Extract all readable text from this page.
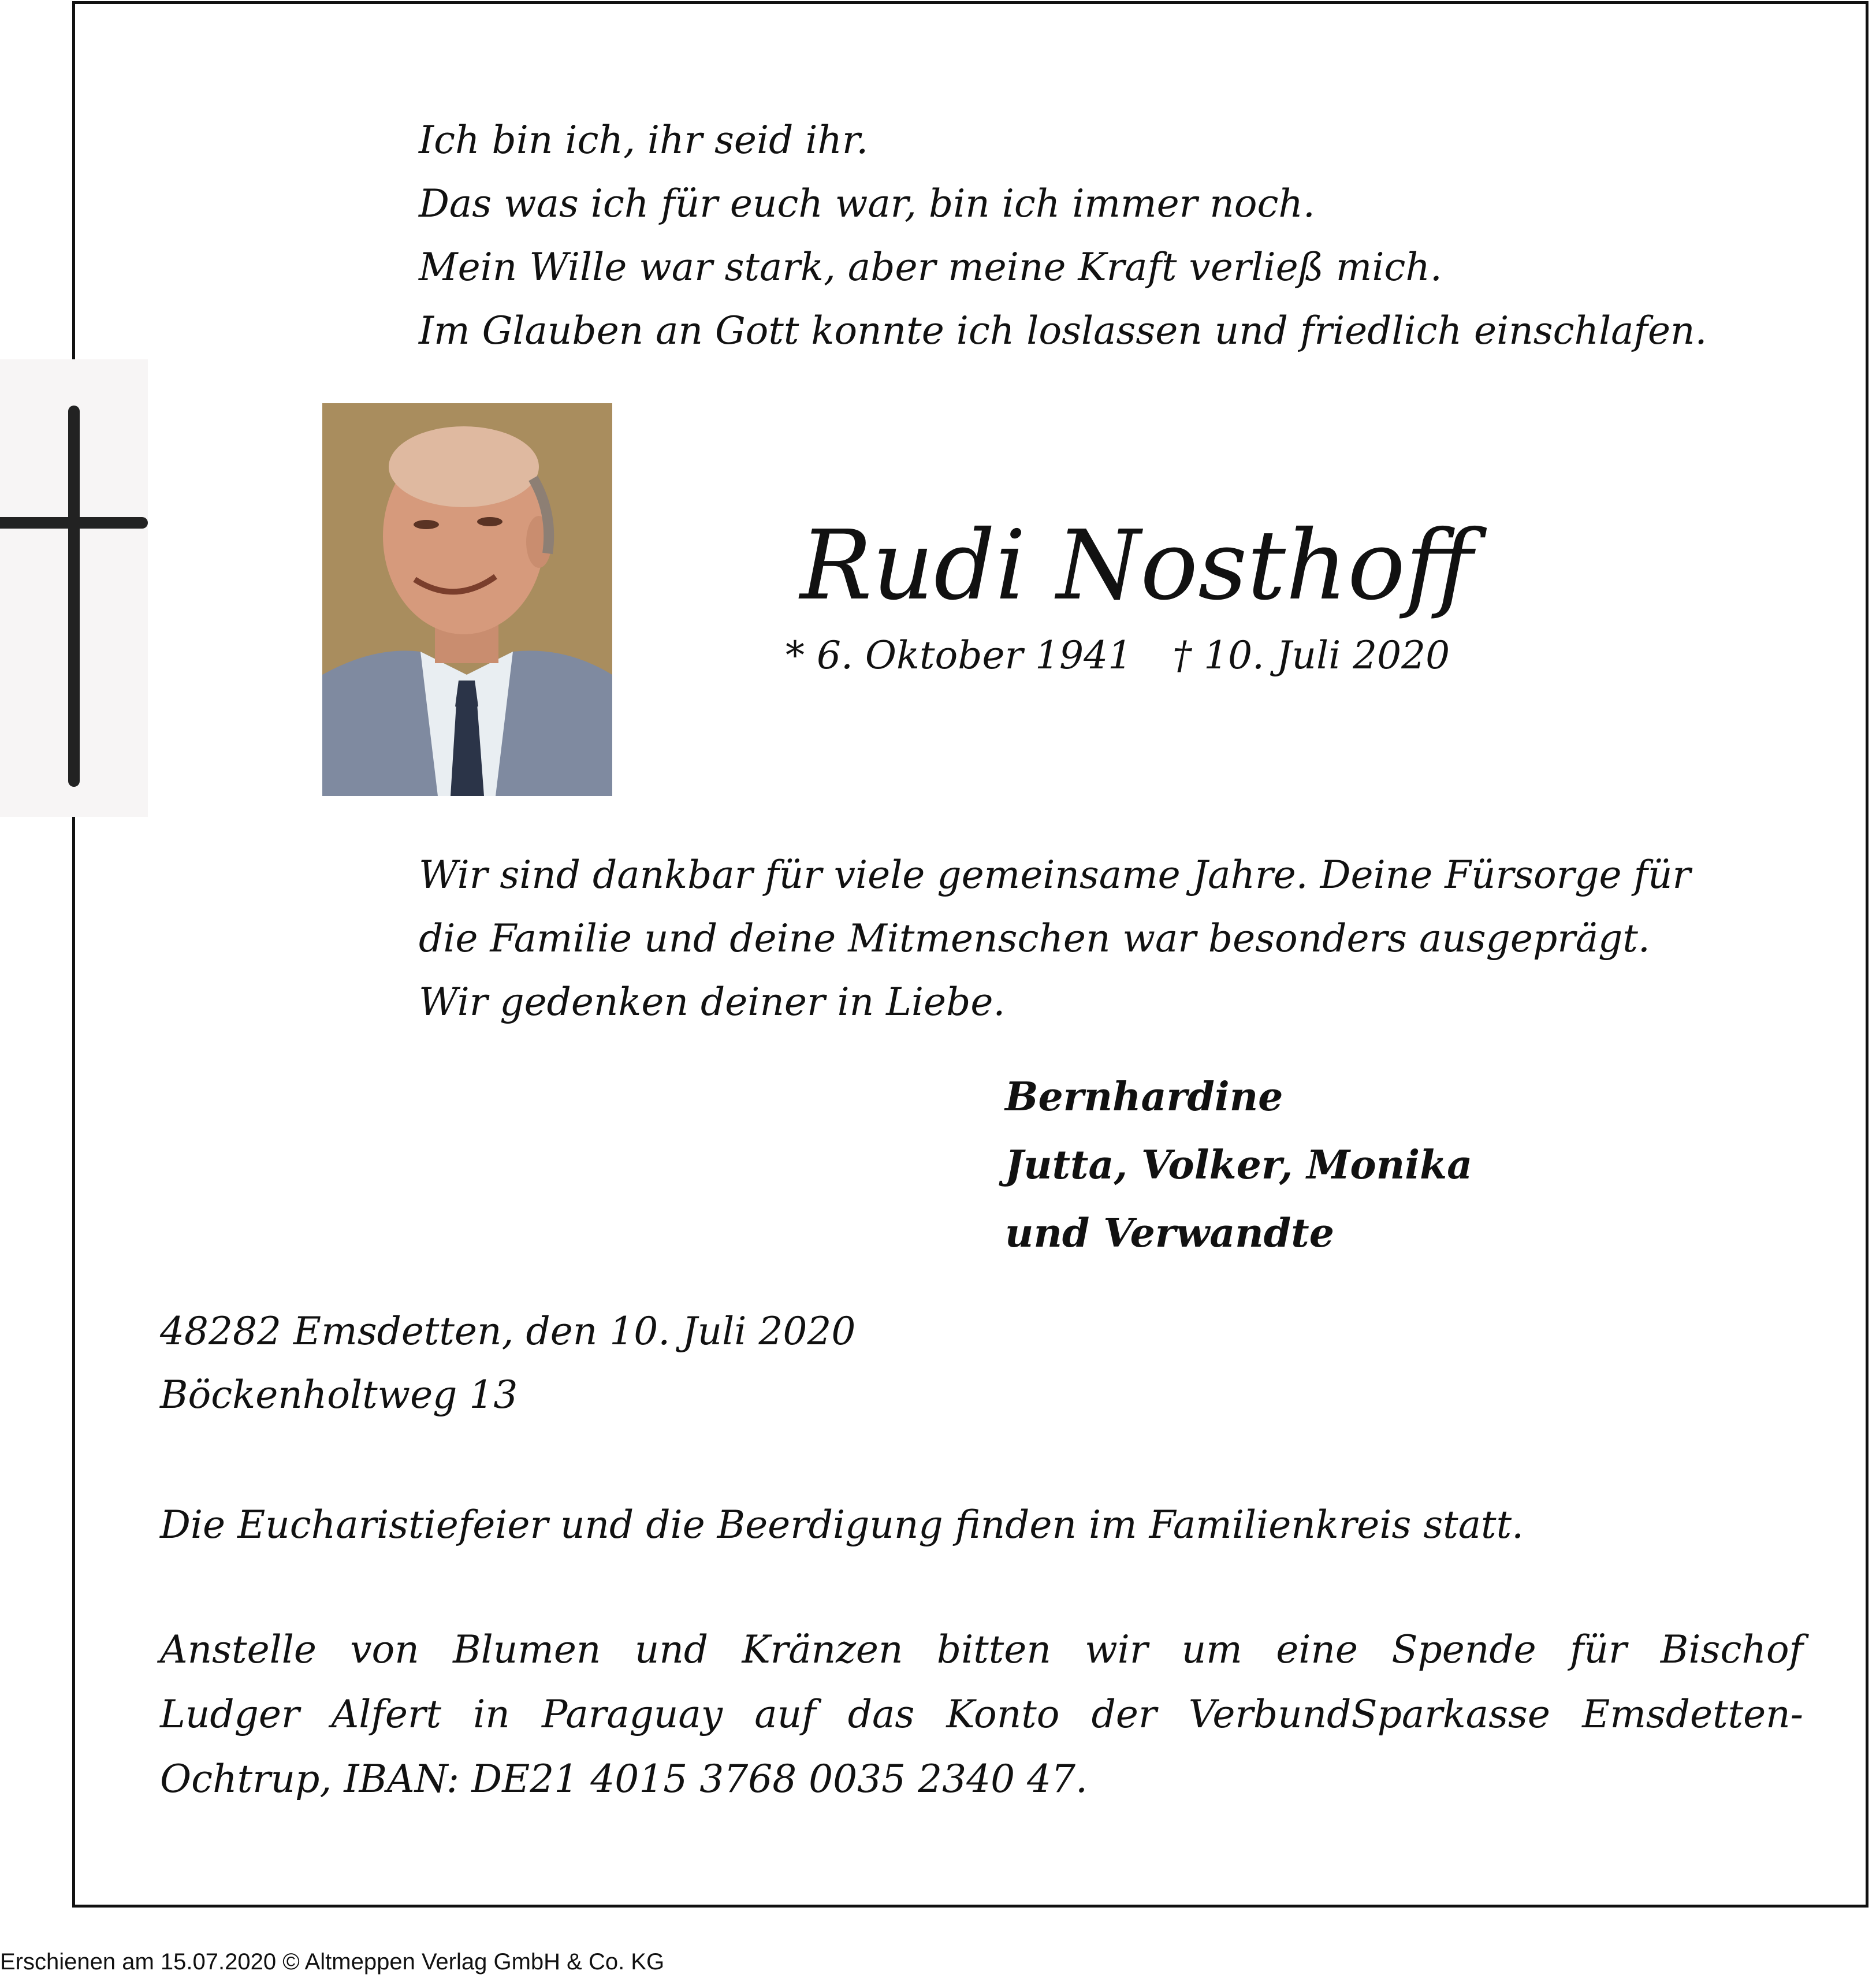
Ich bin ich, ihr seid ihr.
Das was ich für euch war, bin ich immer noch.
Mein Wille war stark, aber meine Kraft verließ mich.
Im Glauben an Gott konnte ich loslassen und friedlich einschlafen.
Rudi Nosthoff
* 6. Oktober 1941 † 10. Juli 2020
Wir sind dankbar für viele gemeinsame Jahre. Deine Fürsorge für
die Familie und deine Mitmenschen war besonders ausgeprägt.
Wir gedenken deiner in Liebe.
Bernhardine
Jutta, Volker, Monika
und Verwandte
48282 Emsdetten, den 10. Juli 2020
Böckenholtweg 13
Die Eucharistiefeier und die Beerdigung finden im Familienkreis statt.
Anstelle von Blumen und Kränzen bitten wir um eine Spende für Bischof
Ludger Alfert in Paraguay auf das Konto der VerbundSparkasse Emsdetten-
Ochtrup, IBAN: DE21 4015 3768 0035 2340 47.
Erschienen am 15.07.2020 © Altmeppen Verlag GmbH & Co. KG
